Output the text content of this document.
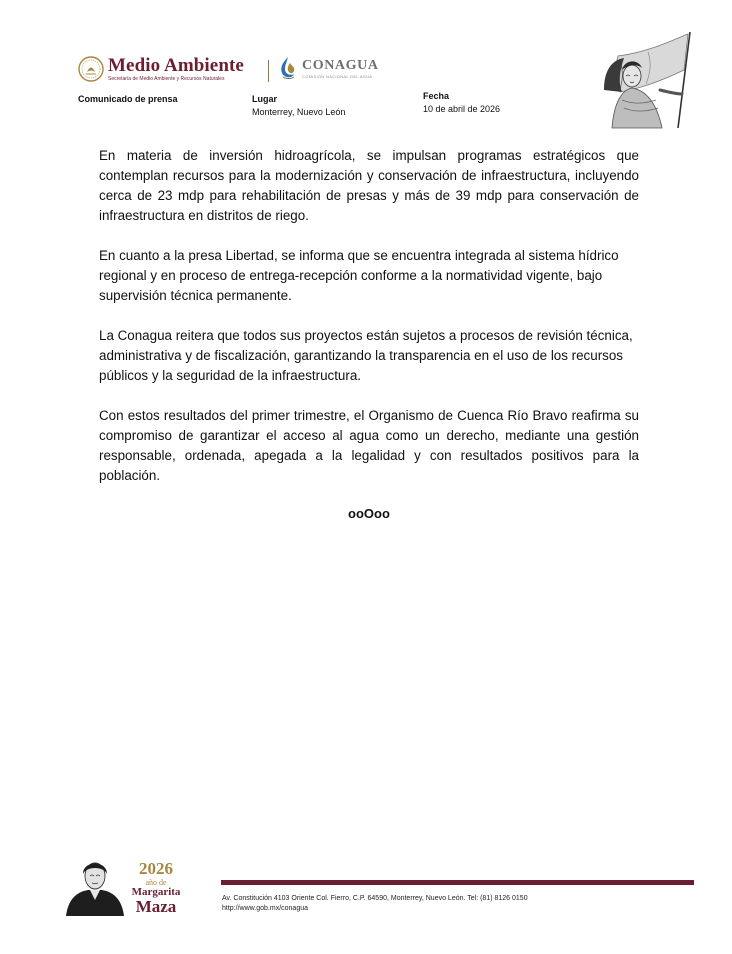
Medio Ambiente
Secretaría de Medio Ambiente y Recursos Naturales
CONAGUA
COMISIÓN NACIONAL DEL AGUA
Comunicado de prensa	Lugar
Monterrey, Nuevo León
Fecha
10 de abril de 2026

En materia de inversión hidroagrícola, se impulsan programas estratégicos que contemplan recursos para la modernización y conservación de infraestructura, incluyendo cerca de 23 mdp para rehabilitación de presas y más de 39 mdp para conservación de infraestructura en distritos de riego.

En cuanto a la presa Libertad, se informa que se encuentra integrada al sistema hídrico regional y en proceso de entrega-recepción conforme a la normatividad vigente, bajo supervisión técnica permanente.

La Conagua reitera que todos sus proyectos están sujetos a procesos de revisión técnica, administrativa y de fiscalización, garantizando la transparencia en el uso de los recursos públicos y la seguridad de la infraestructura.

Con estos resultados del primer trimestre, el Organismo de Cuenca Río Bravo reafirma su compromiso de garantizar el acceso al agua como un derecho, mediante una gestión responsable, ordenada, apegada a la legalidad y con resultados positivos para la población.

ooOoo
2026
año de
Margarita
Maza	Av. Constitución 4103 Oriente Col. Fierro, C.P. 64590, Monterrey, Nuevo León. Tel: (81) 8126 0150
http://www.gob.mx/conagua
